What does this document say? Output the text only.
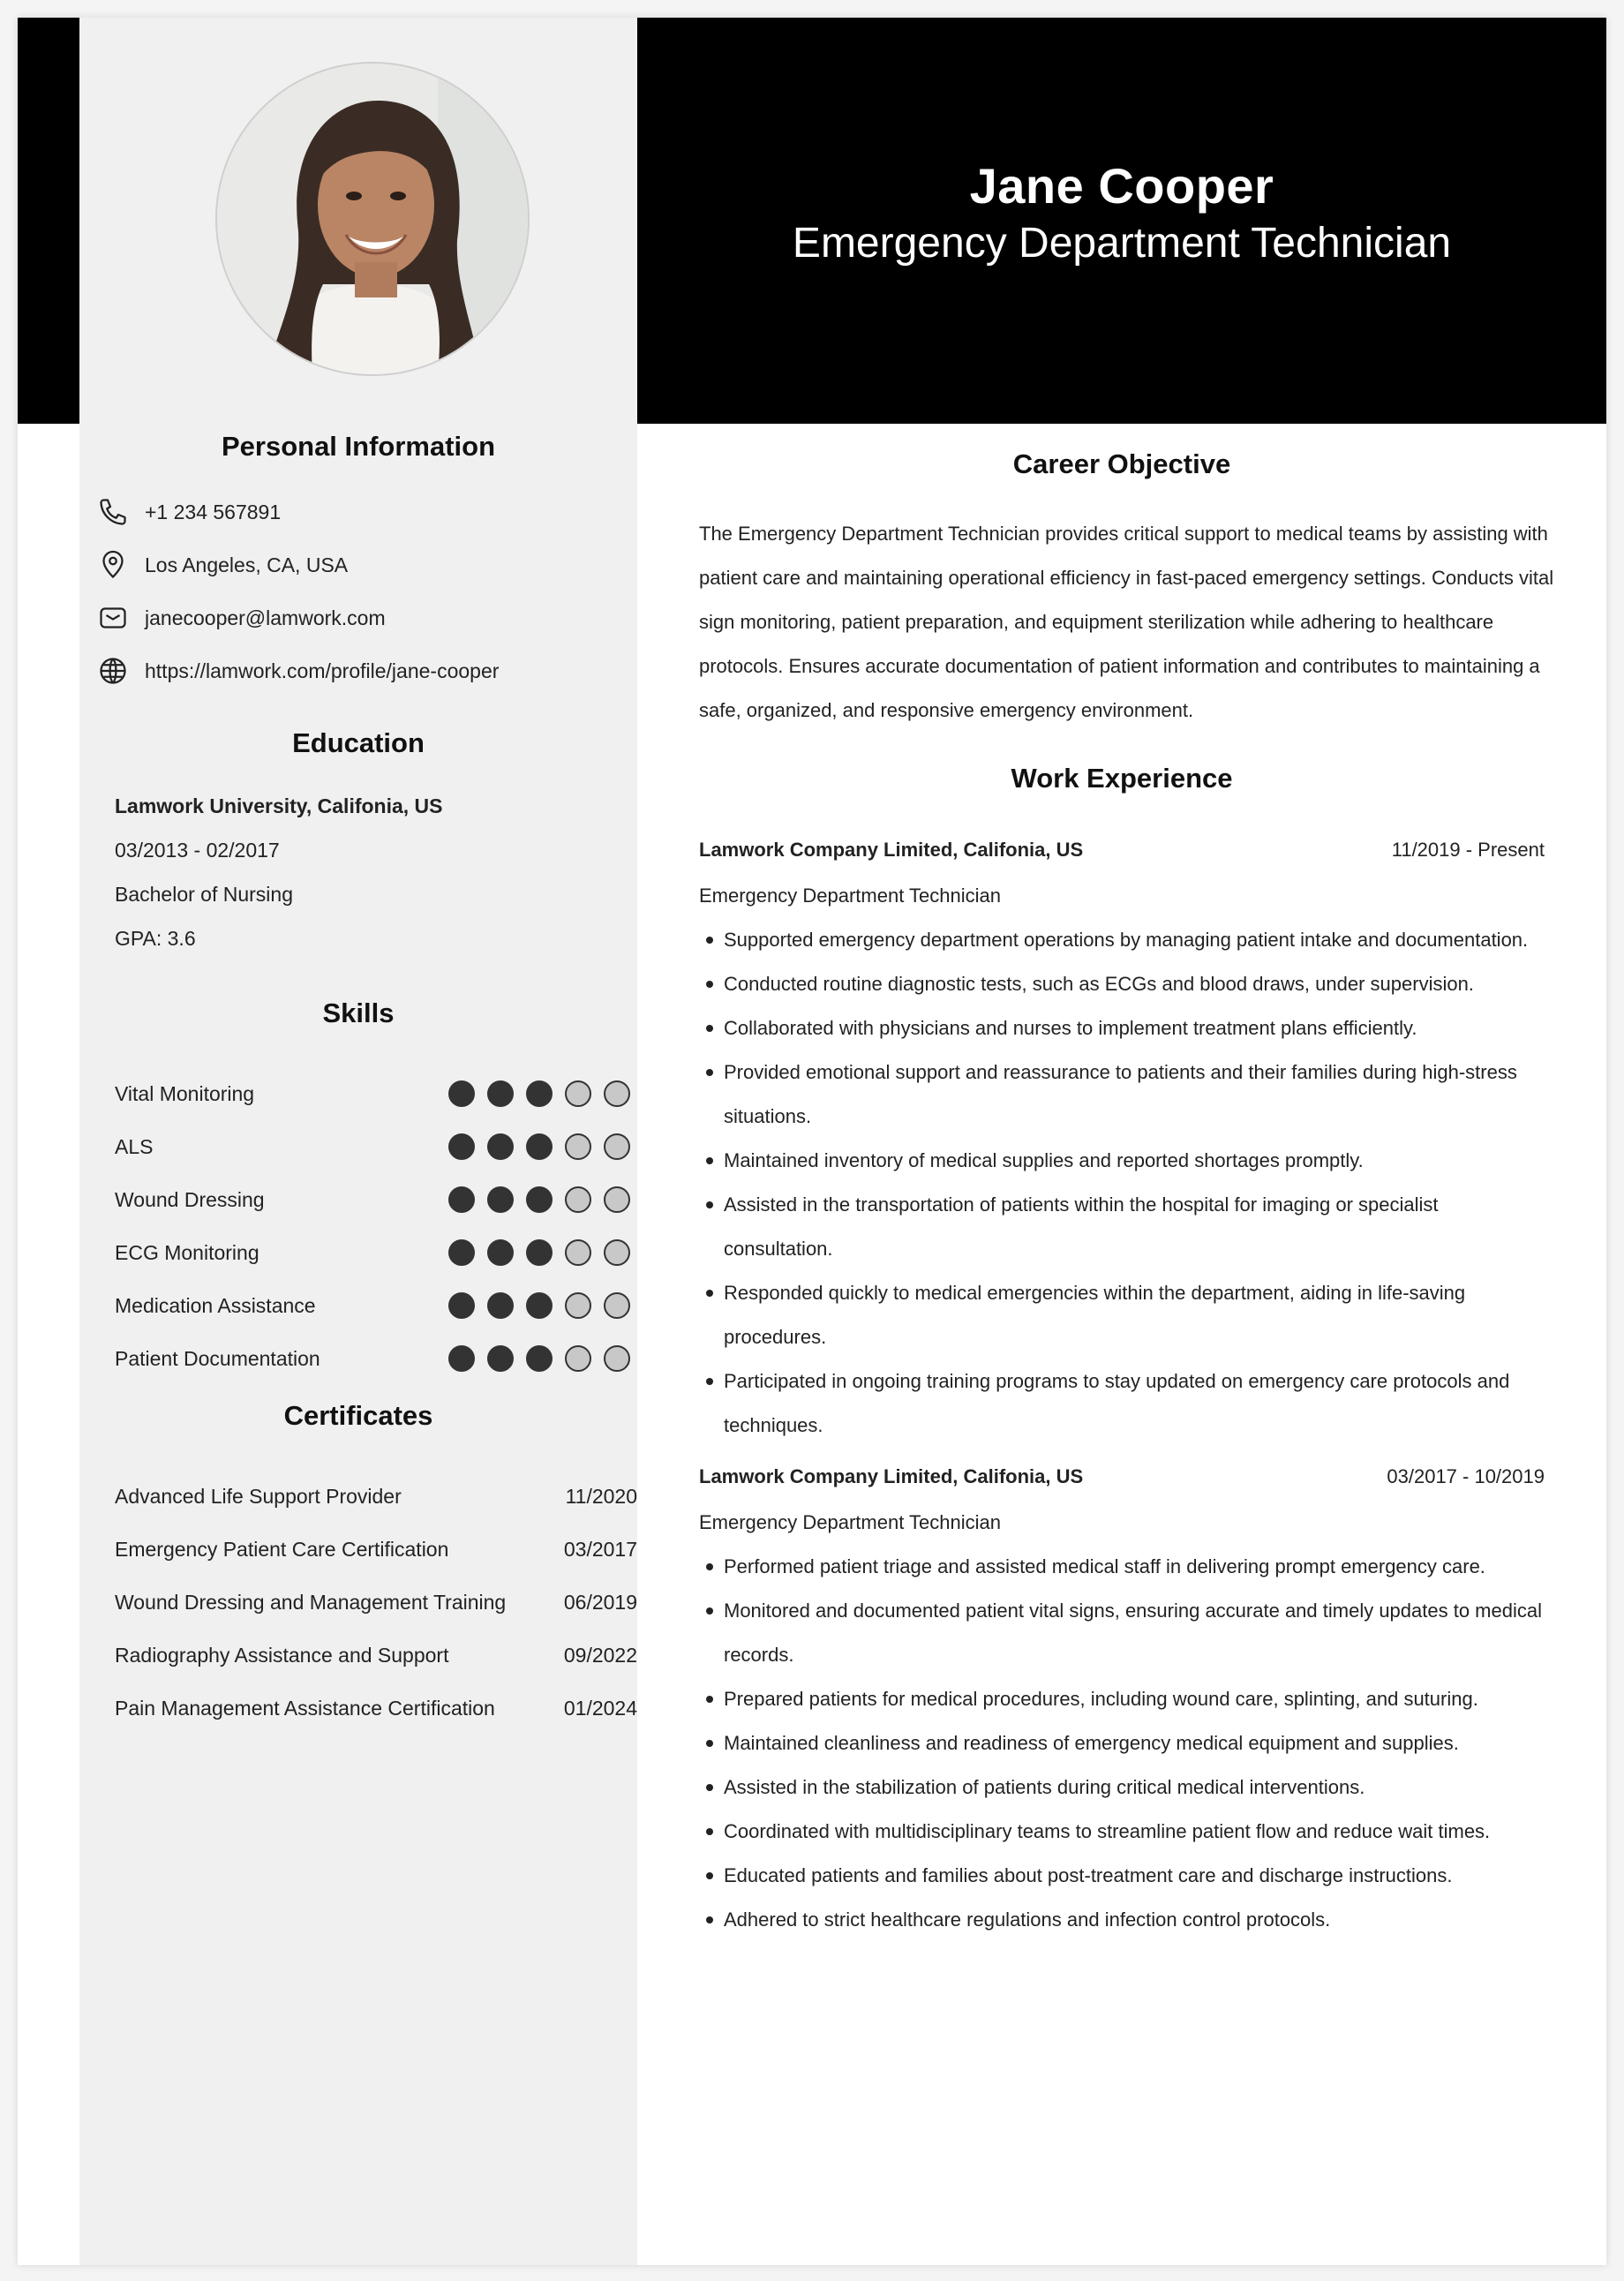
Personal Information
+1 234 567891
Los Angeles, CA, USA
janecooper@lamwork.com
https://lamwork.com/profile/jane-cooper
Education
Lamwork University, Califonia, US
03/2013 - 02/2017
Bachelor of Nursing
GPA: 3.6
Skills
Vital Monitoring
ALS
Wound Dressing
ECG Monitoring
Medication Assistance
Patient Documentation
Certificates
Advanced Life Support Provider	11/2020
Emergency Patient Care Certification	03/2017
Wound Dressing and Management Training	06/2019
Radiography Assistance and Support	09/2022
Pain Management Assistance Certification	01/2024
Jane Cooper
Emergency Department Technician
Career Objective

The Emergency Department Technician provides critical support to medical teams by assisting with patient care and maintaining operational efficiency in fast-paced emergency settings. Conducts vital sign monitoring, patient preparation, and equipment sterilization while adhering to healthcare protocols. Ensures accurate documentation of patient information and contributes to maintaining a safe, organized, and responsive emergency environment.

Work Experience
Lamwork Company Limited, Califonia, US	11/2019 - Present
Emergency Department Technician
Supported emergency department operations by managing patient intake and documentation.
Conducted routine diagnostic tests, such as ECGs and blood draws, under supervision.
Collaborated with physicians and nurses to implement treatment plans efficiently.
Provided emotional support and reassurance to patients and their families during high-stress situations.
Maintained inventory of medical supplies and reported shortages promptly.
Assisted in the transportation of patients within the hospital for imaging or specialist consultation.
Responded quickly to medical emergencies within the department, aiding in life-saving procedures.
Participated in ongoing training programs to stay updated on emergency care protocols and techniques.
Lamwork Company Limited, Califonia, US	03/2017 - 10/2019
Emergency Department Technician
Performed patient triage and assisted medical staff in delivering prompt emergency care.
Monitored and documented patient vital signs, ensuring accurate and timely updates to medical records.
Prepared patients for medical procedures, including wound care, splinting, and suturing.
Maintained cleanliness and readiness of emergency medical equipment and supplies.
Assisted in the stabilization of patients during critical medical interventions.
Coordinated with multidisciplinary teams to streamline patient flow and reduce wait times.
Educated patients and families about post-treatment care and discharge instructions.
Adhered to strict healthcare regulations and infection control protocols.
